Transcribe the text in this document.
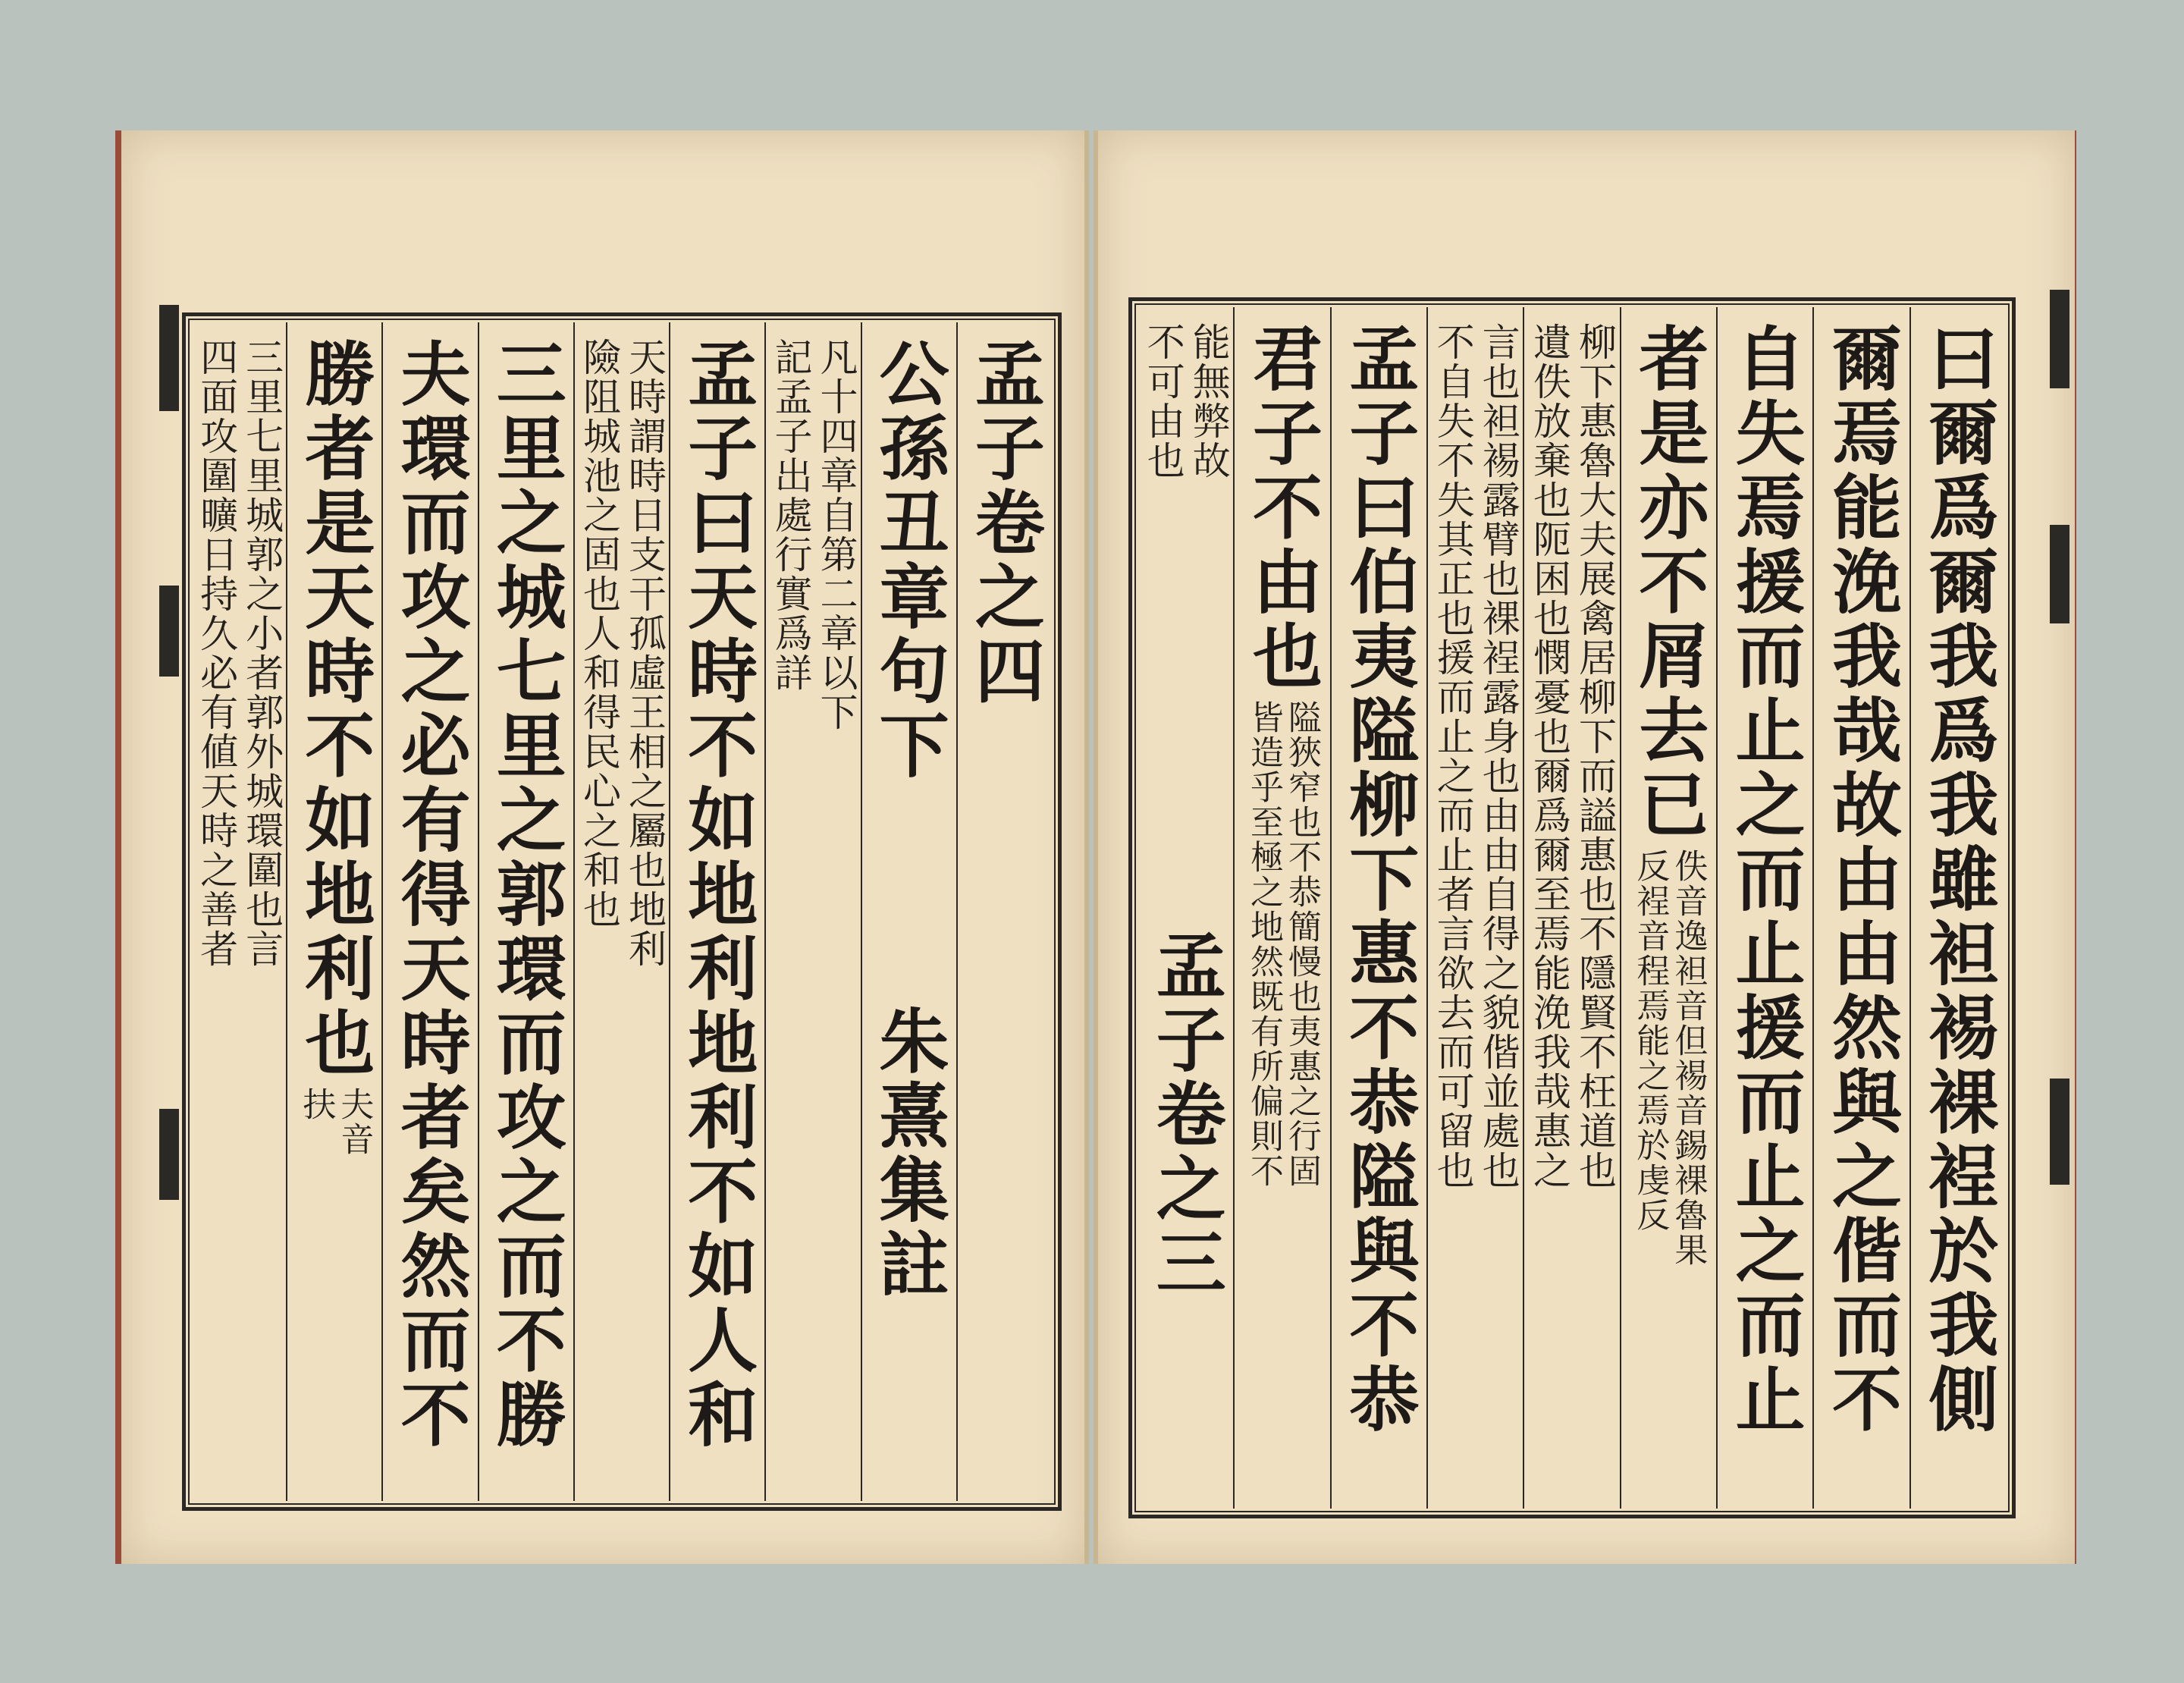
孟子卷之四
公孫丑章句下
朱熹集註
凡十四章自第二章以下
記孟子出處行實爲詳
孟子曰天時不如地利地利不如人和
天時謂時日支干孤虛王相之屬也地利
險阻城池之固也人和得民心之和也
三里之城七里之郭環而攻之而不勝
夫環而攻之必有得天時者矣然而不
勝者是天時不如地利也
夫音
扶
三里七里城郭之小者郭外城環圍也言
四面攻圍曠日持久必有値天時之善者	曰爾爲爾我爲我雖袒裼裸裎於我側
爾焉能浼我哉故由由然與之偕而不
自失焉援而止之而止援而止之而止
者是亦不屑去已
佚音逸袒音但裼音錫裸魯果
反裎音程焉能之焉於虔反
柳下惠魯大夫展禽居柳下而謚惠也不隱賢不枉道也
遺佚放棄也阨困也憫憂也爾爲爾至焉能浼我哉惠之
言也袒裼露臂也裸裎露身也由由自得之貌偕並處也
不自失不失其正也援而止之而止者言欲去而可留也
孟子曰伯夷隘柳下惠不恭隘與不恭
君子不由也
隘狹窄也不恭簡慢也夷惠之行固
皆造乎至極之地然既有所偏則不
能無弊故
不可由也
孟子卷之三
